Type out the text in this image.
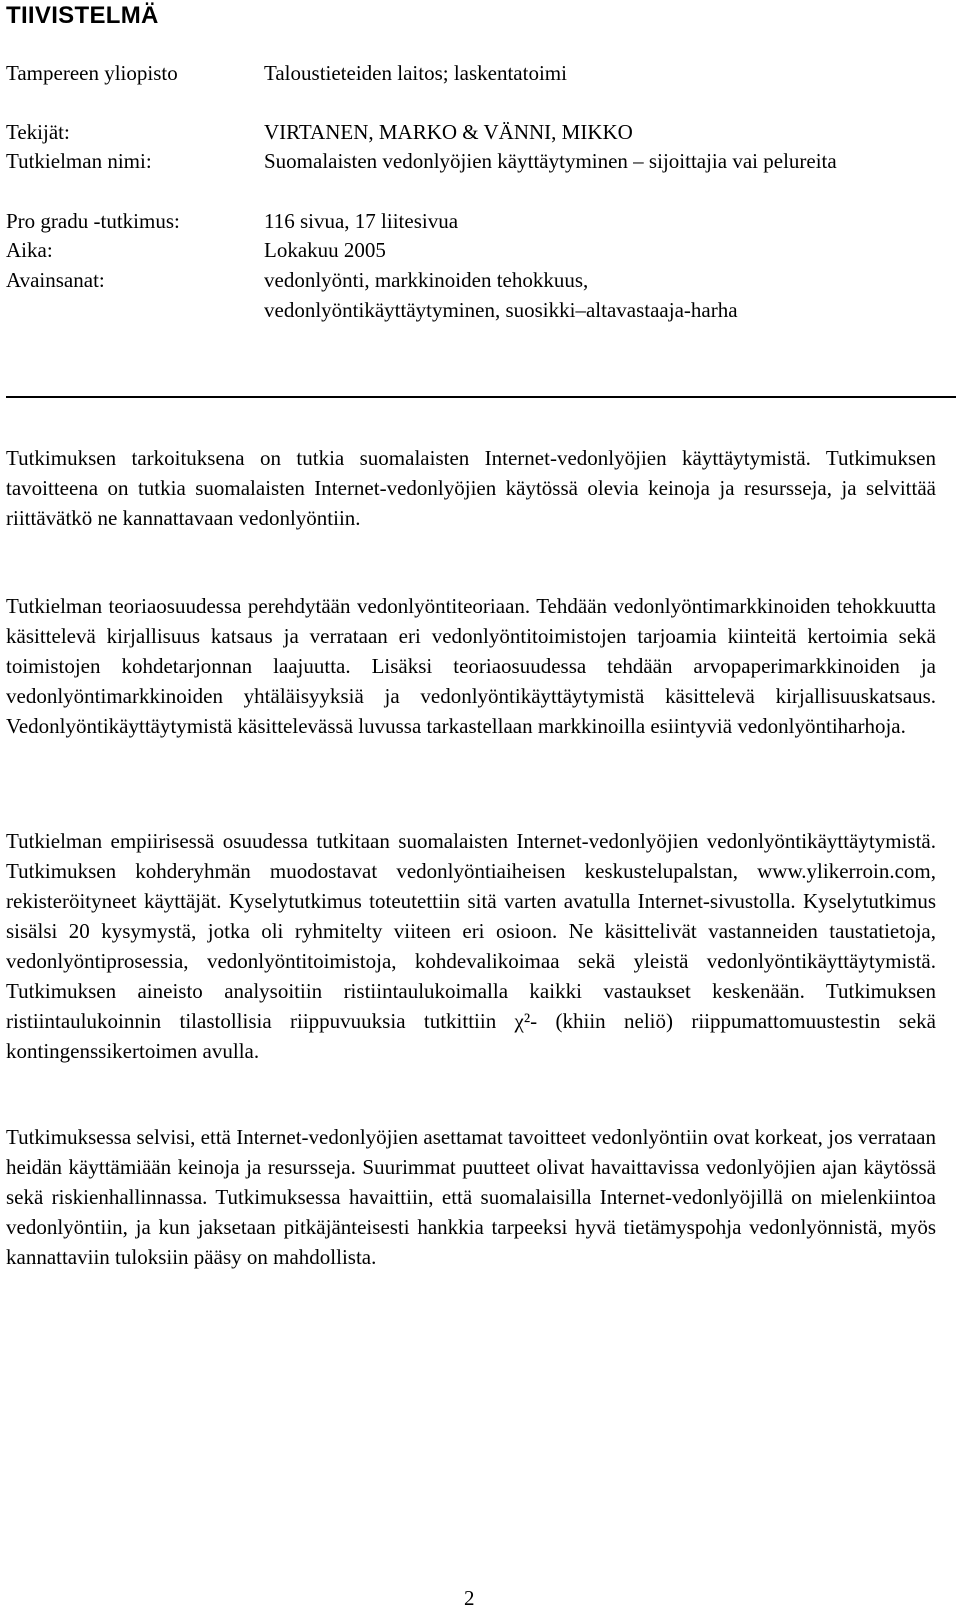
TIIVISTELMÄ
Tampereen yliopisto	Taloustieteiden laitos; laskentatoimi
Tekijät:	VIRTANEN, MARKO & VÄNNI, MIKKO
Tutkielman nimi:	Suomalaisten vedonlyöjien käyttäytyminen – sijoittajia vai pelureita
Pro gradu -tutkimus:	116 sivua, 17 liitesivua
Aika:	Lokakuu 2005
Avainsanat:	vedonlyönti, markkinoiden tehokkuus, vedonlyöntikäyttäytyminen, suosikki–altavastaaja-harha

Tutkimuksen tarkoituksena on tutkia suomalaisten Internet-vedonlyöjien käyttäytymistä. Tutkimuksen tavoitteena on tutkia suomalaisten Internet-vedonlyöjien käytössä olevia keinoja ja resursseja, ja selvittää riittävätkö ne kannattavaan vedonlyöntiin.

Tutkielman teoriaosuudessa perehdytään vedonlyöntiteoriaan. Tehdään vedonlyöntimarkkinoiden tehokkuutta käsittelevä kirjallisuus katsaus ja verrataan eri vedonlyöntitoimistojen tarjoamia kiinteitä kertoimia sekä toimistojen kohdetarjonnan laajuutta. Lisäksi teoriaosuudessa tehdään arvopaperimarkkinoiden ja vedonlyöntimarkkinoiden yhtäläisyyksiä ja vedonlyöntikäyttäytymistä käsittelevä kirjallisuuskatsaus. Vedonlyöntikäyttäytymistä käsittelevässä luvussa tarkastellaan markkinoilla esiintyviä vedonlyöntiharhoja.

Tutkielman empiirisessä osuudessa tutkitaan suomalaisten Internet-vedonlyöjien vedonlyöntikäyttäytymistä. Tutkimuksen kohderyhmän muodostavat vedonlyöntiaiheisen keskustelupalstan, www.ylikerroin.com, rekisteröityneet käyttäjät. Kyselytutkimus toteutettiin sitä varten avatulla Internet-sivustolla. Kyselytutkimus sisälsi 20 kysymystä, jotka oli ryhmitelty viiteen eri osioon. Ne käsittelivät vastanneiden taustatietoja, vedonlyöntiprosessia, vedonlyöntitoimistoja, kohdevalikoimaa sekä yleistä vedonlyöntikäyttäytymistä. Tutkimuksen aineisto analysoitiin ristiintaulukoimalla kaikki vastaukset keskenään. Tutkimuksen ristiintaulukoinnin tilastollisia riippuvuuksia tutkittiin χ²- (khiin neliö) riippumattomuustestin sekä kontingenssikertoimen avulla.

Tutkimuksessa selvisi, että Internet-vedonlyöjien asettamat tavoitteet vedonlyöntiin ovat korkeat, jos verrataan heidän käyttämiään keinoja ja resursseja. Suurimmat puutteet olivat havaittavissa vedonlyöjien ajan käytössä sekä riskienhallinnassa. Tutkimuksessa havaittiin, että suomalaisilla Internet-vedonlyöjillä on mielenkiintoa vedonlyöntiin, ja kun jaksetaan pitkäjänteisesti hankkia tarpeeksi hyvä tietämyspohja vedonlyönnistä, myös kannattaviin tuloksiin pääsy on mahdollista.

2
